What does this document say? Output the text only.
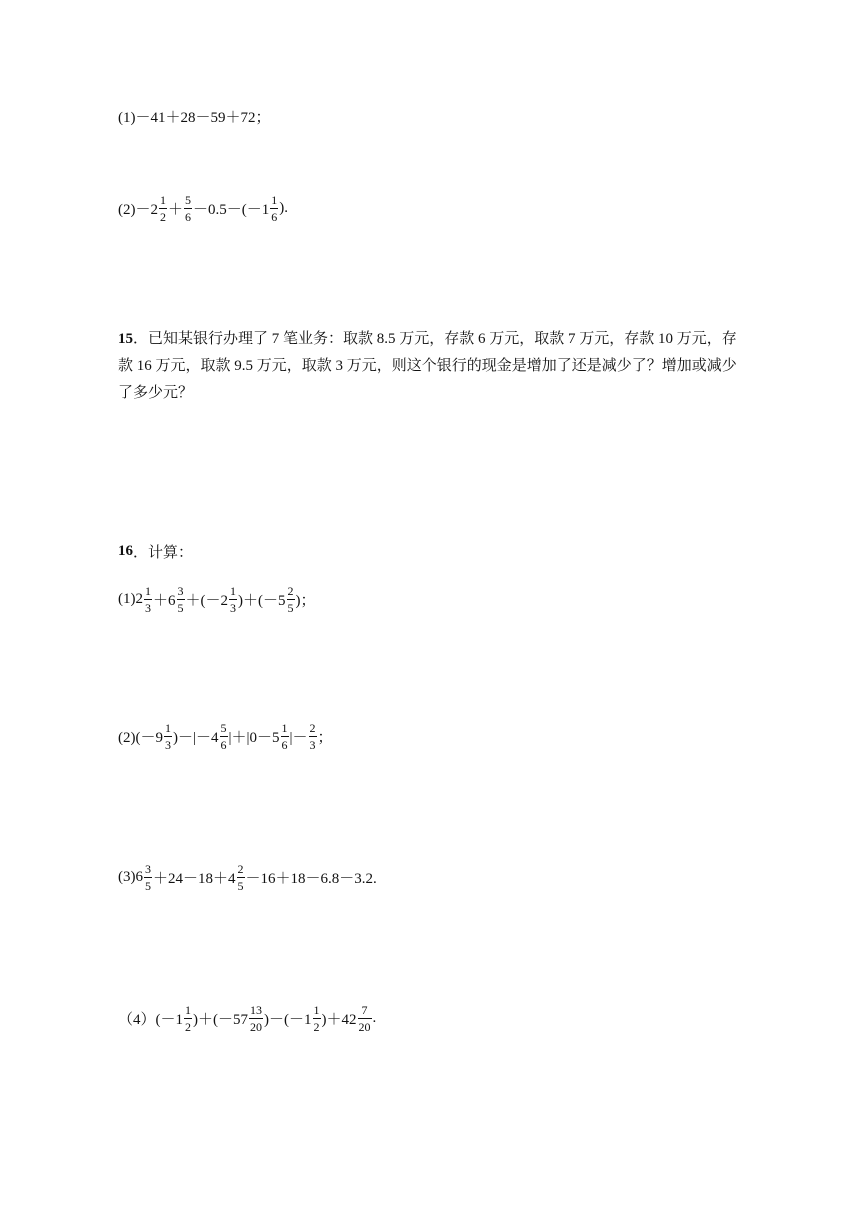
(1)－41＋28－59＋72；
$(2)-2 \frac{1}{2} + \frac{5}{6} -0.5-(-1 \frac{1}{6}$ ).
15．已知某银行办理了 7 笔业务：取款 8.5 万元，存款 6 万元，取款 7 万元，存款 10 万元，存款 16 万元，取款 9.5 万元，取款 3 万元，则这个银行的现金是增加了还是减少了？增加或减少了多少元？
16 ． 计算：
$(1)2 \frac{1}{3} +6 \frac{3}{5} +(-2 \frac{1}{3} )+(-5 \frac{2}{5}$ )；
$(2)(-9 \frac{1}{3} )-|-4 \frac{5}{6} |+|0-5 \frac{1}{6}$ |－ $\frac{2}{3}$ ；
$(3)6 \frac{3}{5} +24-18+4 \frac{2}{5} -16+18-6.8-3.2$.
$(4)(-1 \frac{1}{2} )+(-57 \frac{13}{20} )-(-1 \frac{1}{2} )+42 \frac{7}{20}$ .
